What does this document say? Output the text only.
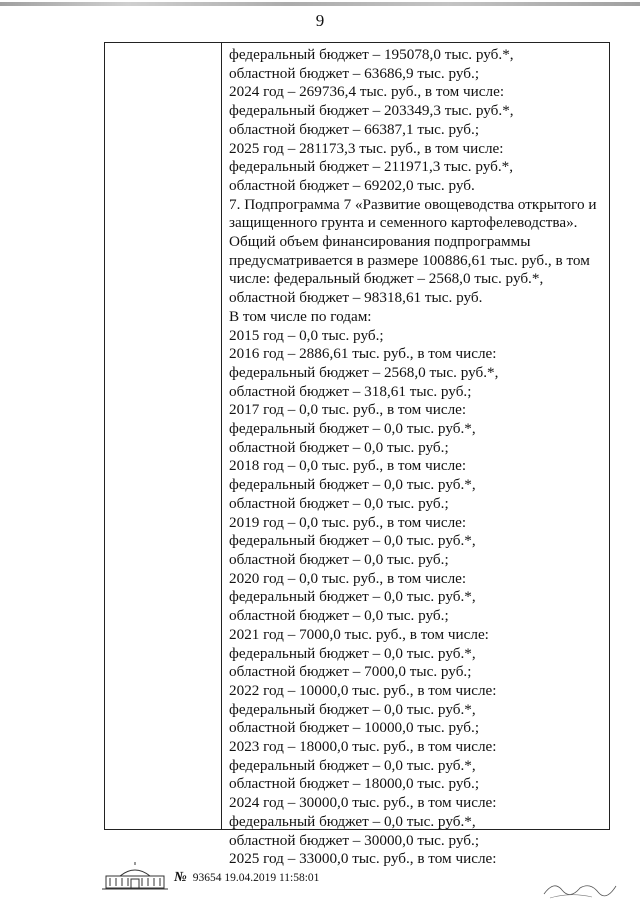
9
федеральный бюджет – 195078,0 тыс. руб.*,
областной бюджет – 63686,9 тыс. руб.;
2024 год – 269736,4 тыс. руб., в том числе:
федеральный бюджет – 203349,3 тыс. руб.*,
областной бюджет – 66387,1 тыс. руб.;
2025 год – 281173,3 тыс. руб., в том числе:
федеральный бюджет – 211971,3 тыс. руб.*,
областной бюджет – 69202,0 тыс. руб.
7. Подпрограмма 7 «Развитие овощеводства открытого и
защищенного грунта и семенного картофелеводства».
Общий объем финансирования подпрограммы
предусматривается в размере 100886,61 тыс. руб., в том
числе: федеральный бюджет – 2568,0 тыс. руб.*,
областной бюджет – 98318,61 тыс. руб.
В том числе по годам:
2015 год – 0,0 тыс. руб.;
2016 год – 2886,61 тыс. руб., в том числе:
федеральный бюджет – 2568,0 тыс. руб.*,
областной бюджет – 318,61 тыс. руб.;
2017 год – 0,0 тыс. руб., в том числе:
федеральный бюджет – 0,0 тыс. руб.*,
областной бюджет – 0,0 тыс. руб.;
2018 год – 0,0 тыс. руб., в том числе:
федеральный бюджет – 0,0 тыс. руб.*,
областной бюджет – 0,0 тыс. руб.;
2019 год – 0,0 тыс. руб., в том числе:
федеральный бюджет – 0,0 тыс. руб.*,
областной бюджет – 0,0 тыс. руб.;
2020 год – 0,0 тыс. руб., в том числе:
федеральный бюджет – 0,0 тыс. руб.*,
областной бюджет – 0,0 тыс. руб.;
2021 год – 7000,0 тыс. руб., в том числе:
федеральный бюджет – 0,0 тыс. руб.*,
областной бюджет – 7000,0 тыс. руб.;
2022 год – 10000,0 тыс. руб., в том числе:
федеральный бюджет – 0,0 тыс. руб.*,
областной бюджет – 10000,0 тыс. руб.;
2023 год – 18000,0 тыс. руб., в том числе:
федеральный бюджет – 0,0 тыс. руб.*,
областной бюджет – 18000,0 тыс. руб.;
2024 год – 30000,0 тыс. руб., в том числе:
федеральный бюджет – 0,0 тыс. руб.*,
областной бюджет – 30000,0 тыс. руб.;
2025 год – 33000,0 тыс. руб., в том числе:
№ 93654 19.04.2019 11:58:01
